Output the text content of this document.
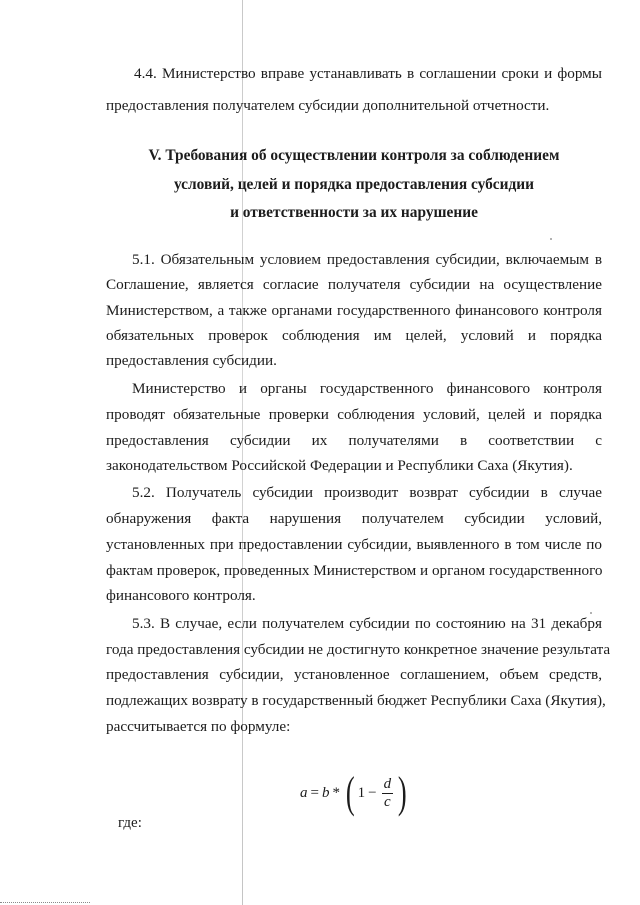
4.4. Министерство вправе устанавливать в соглашении сроки и формы
предоставления получателем субсидии дополнительной отчетности.
V. Требования об осуществлении контроля за соблюдением
условий, целей и порядка предоставления субсидии
и ответственности за их нарушение
5.1. Обязательным условием предоставления субсидии, включаемым в
Соглашение, является согласие получателя субсидии на осуществление
Министерством, а также органами государственного финансового контроля
обязательных проверок соблюдения им целей, условий и порядка
предоставления субсидии.
Министерство и органы государственного финансового контроля
проводят обязательные проверки соблюдения условий, целей и порядка
предоставления субсидии их получателями в соответствии с
законодательством Российской Федерации и Республики Саха (Якутия).
5.2. Получатель субсидии производит возврат субсидии в случае
обнаружения факта нарушения получателем субсидии условий,
установленных при предоставлении субсидии, выявленного в том числе по
фактам проверок, проведенных Министерством и органом государственного
финансового контроля.
5.3. В случае, если получателем субсидии по состоянию на 31 декабря
года предоставления субсидии не достигнуто конкретное значение результата
предоставления субсидии, установленное соглашением, объем средств,
подлежащих возврату в государственный бюджет Республики Саха (Якутия),
рассчитывается по формуле:
a = b * ( $1 - \frac{d}{c}$ )
где:
